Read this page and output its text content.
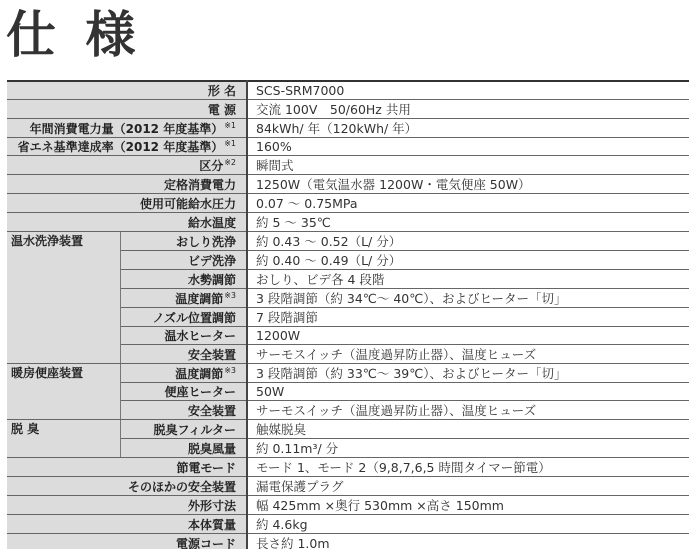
仕 様
形 名		SCS-SRM7000
電 源		交流 100V　50/60Hz 共用
年間消費電力量（2012 年度基準）$^{※1}$		84kWh/ 年（120kWh/ 年）
省エネ基準達成率（2012 年度基準）$^{※1}$		160%
区分$^{※2}$		瞬間式
定格消費電力		1250W（電気温水器 1200W・電気便座 50W）
使用可能給水圧力		0.07 ～ 0.75MPa
給水温度		約 5 ～ 35℃
温水洗浄装置	おしり洗浄	約 0.43 ～ 0.52（L/ 分）
	ビデ洗浄	約 0.40 ～ 0.49（L/ 分）
	水勢調節	おしり、ビデ各 4 段階
	温度調節$^{※3}$	3 段階調節（約 34℃～ 40℃）、およびヒーター「切」
	ノズル位置調節	7 段階調節
	温水ヒーター	1200W
	安全装置	サーモスイッチ（温度過昇防止器）、温度ヒューズ
暖房便座装置	温度調節$^{※3}$	3 段階調節（約 33℃～ 39℃）、およびヒーター「切」
	便座ヒーター	50W
	安全装置	サーモスイッチ（温度過昇防止器）、温度ヒューズ
脱 臭	脱臭フィルター	触媒脱臭
	脱臭風量	約 0.11m³/ 分
節電モード		モード 1、モード 2（9,8,7,6,5 時間タイマー節電）
そのほかの安全装置		漏電保護プラグ
外形寸法		幅 425mm ×奥行 530mm ×高さ 150mm
本体質量		約 4.6kg
電源コード		長さ約 1.0m
